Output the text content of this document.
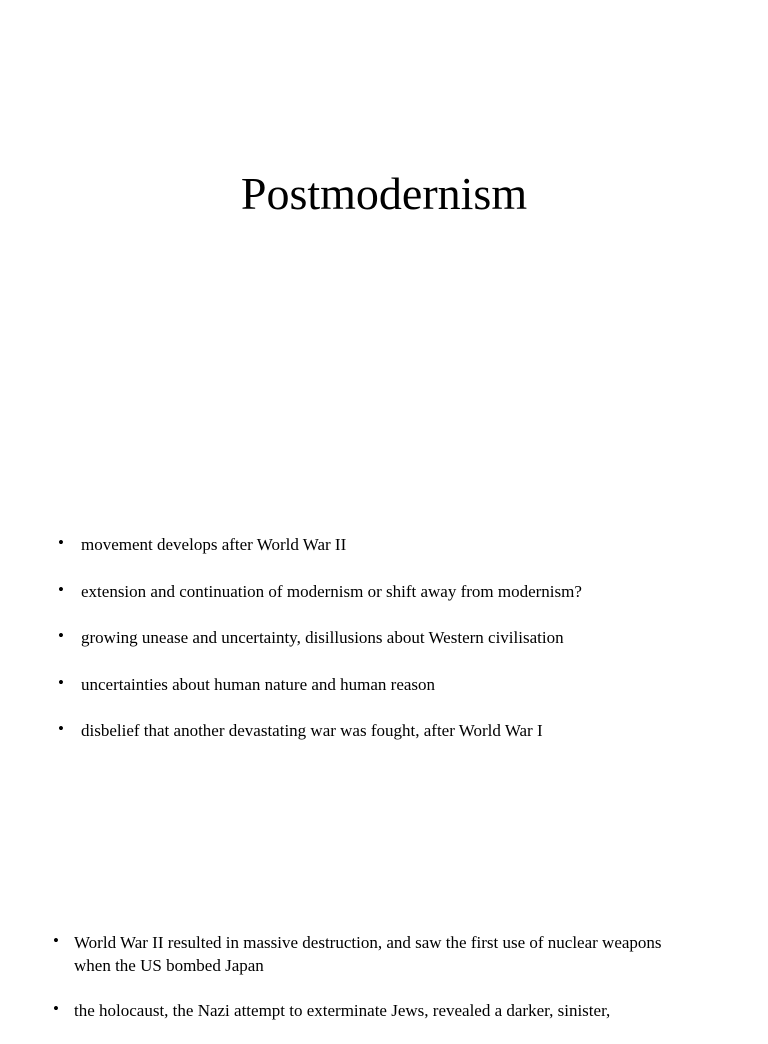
Postmodernism
• movement develops after World War II
• extension and continuation of modernism or shift away from modernism?
• growing unease and uncertainty, disillusions about Western civilisation
• uncertainties about human nature and human reason
• disbelief that another devastating war was fought, after World War I
• World War II resulted in massive destruction, and saw the first use of nuclear weapons when the US bombed Japan
• the holocaust, the Nazi attempt to exterminate Jews, revealed a darker, sinister,
